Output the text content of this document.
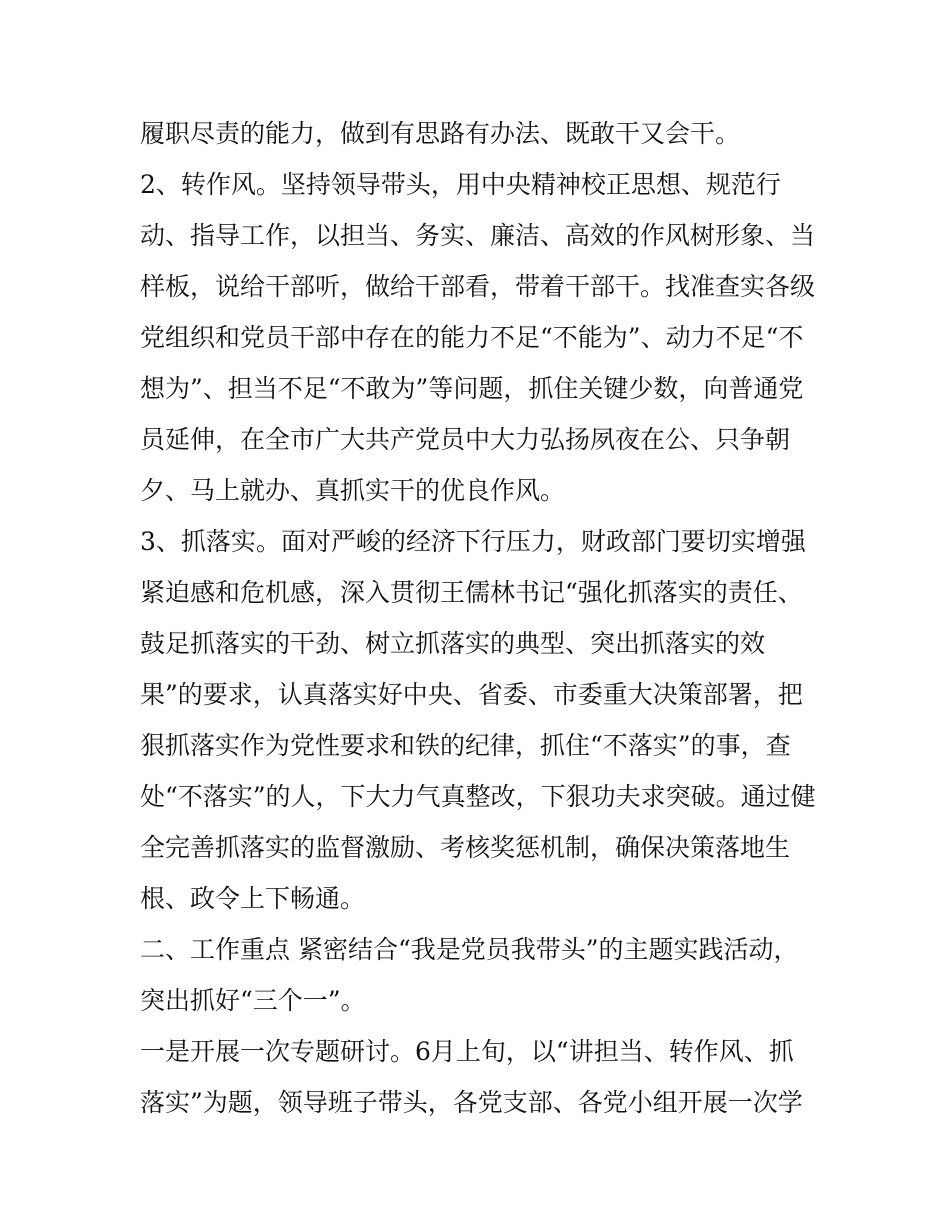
履职尽责的能力，做到有思路有办法、既敢干又会干。
2、转作风。坚持领导带头，用中央精神校正思想、规范行
动、指导工作，以担当、务实、廉洁、高效的作风树形象、当
样板，说给干部听，做给干部看，带着干部干。找准查实各级
党组织和党员干部中存在的能力不足“不能为”、动力不足“不
想为”、担当不足“不敢为”等问题，抓住关键少数，向普通党
员延伸，在全市广大共产党员中大力弘扬夙夜在公、只争朝
夕、马上就办、真抓实干的优良作风。
3、抓落实。面对严峻的经济下行压力，财政部门要切实增强
紧迫感和危机感，深入贯彻王儒林书记“强化抓落实的责任、
鼓足抓落实的干劲、树立抓落实的典型、突出抓落实的效
果”的要求，认真落实好中央、省委、市委重大决策部署，把
狠抓落实作为党性要求和铁的纪律，抓住“不落实”的事，查
处“不落实”的人，下大力气真整改，下狠功夫求突破。通过健
全完善抓落实的监督激励、考核奖惩机制，确保决策落地生
根、政令上下畅通。
二、工作重点 紧密结合“我是党员我带头”的主题实践活动，
突出抓好“三个一”。
一是开展一次专题研讨。6月上旬，以“讲担当、转作风、抓
落实”为题，领导班子带头，各党支部、各党小组开展一次学
